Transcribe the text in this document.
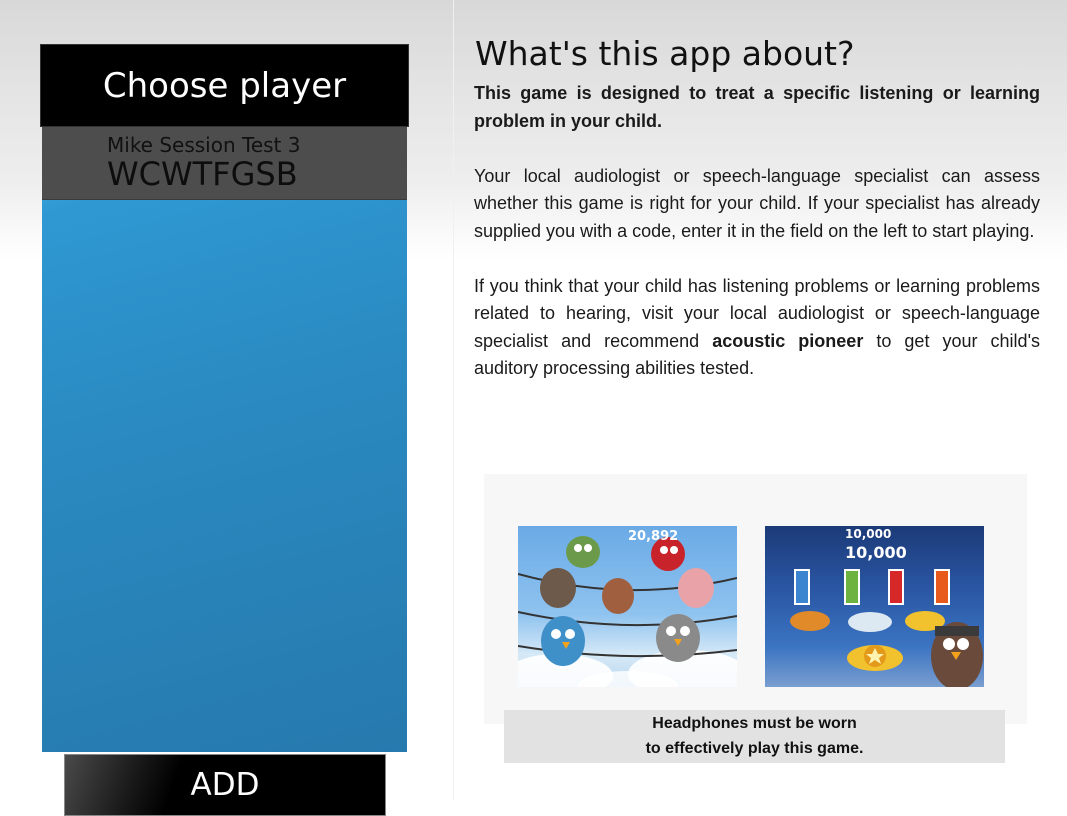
Choose player
Mike Session Test 3
WCWTFGSB
ADD
What's this app about?

This game is designed to treat a specific listening or learning problem in your child.

Your local audiologist or speech-language specialist can assess whether this game is right for your child. If your specialist has already supplied you with a code, enter it in the field on the left to start playing.

If you think that your child has listening problems or learning problems related to hearing, visit your local audiologist or speech-language specialist and recommend acoustic pioneer to get your child's auditory processing abilities tested.

20,892	10,000
10,000
Headphones must be worn
to effectively play this game.
